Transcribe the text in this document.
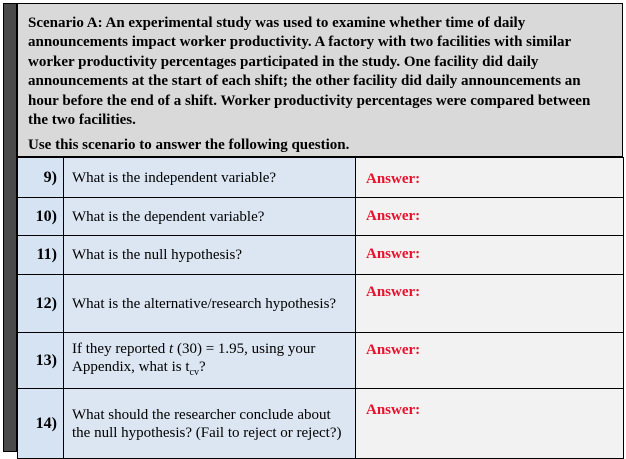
Scenario A: An experimental study was used to examine whether time of daily announcements impact worker productivity. A factory with two facilities with similar worker productivity percentages participated in the study. One facility did daily announcements at the start of each shift; the other facility did daily announcements an hour before the end of a shift. Worker productivity percentages were compared between the two facilities.

Use this scenario to answer the following question.

9)	What is the independent variable?	Answer:

10)	What is the dependent variable?	Answer:

11)	What is the null hypothesis?	Answer:

12)	What is the alternative/research hypothesis?	Answer:

13)	If they reported t (30) = 1.95, using your Appendix, what is $t_{cv}$?	Answer:

14)	What should the researcher conclude about the null hypothesis? (Fail to reject or reject?)	Answer:
